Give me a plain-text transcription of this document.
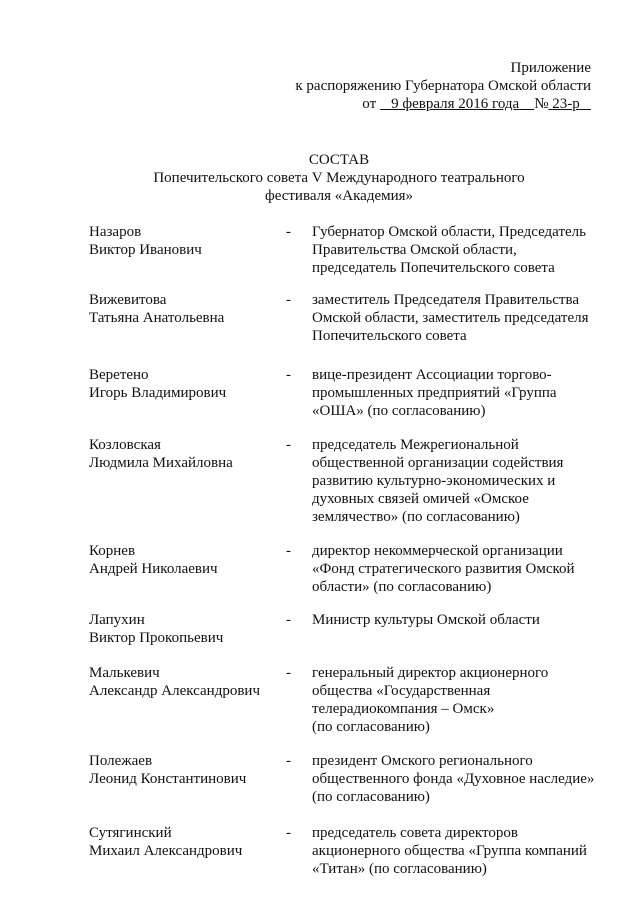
Приложение
к распоряжению Губернатора Омской области
от 9 февраля 2016 года № 23-р
СОСТАВ
Попечительского совета V Международного театрального
фестиваля «Академия»
Назаров
Виктор Иванович
- Губернатор Омской области, Председатель
Правительства Омской области,
председатель Попечительского совета
Вижевитова
Татьяна Анатольевна
- заместитель Председателя Правительства
Омской области, заместитель председателя
Попечительского совета
Веретено
Игорь Владимирович
- вице-президент Ассоциации торгово-
промышленных предприятий «Группа
«ОША» (по согласованию)
Козловская
Людмила Михайловна
- председатель Межрегиональной
общественной организации содействия
развитию культурно-экономических и
духовных связей омичей «Омское
землячество» (по согласованию)
Корнев
Андрей Николаевич
- директор некоммерческой организации
«Фонд стратегического развития Омской
области» (по согласованию)
Лапухин
Виктор Прокопьевич
- Министр культуры Омской области
Малькевич
Александр Александрович
- генеральный директор акционерного
общества «Государственная
телерадиокомпания – Омск»
(по согласованию)
Полежаев
Леонид Константинович
- президент Омского регионального
общественного фонда «Духовное наследие»
(по согласованию)
Сутягинский
Михаил Александрович
- председатель совета директоров
акционерного общества «Группа компаний
«Титан» (по согласованию)
